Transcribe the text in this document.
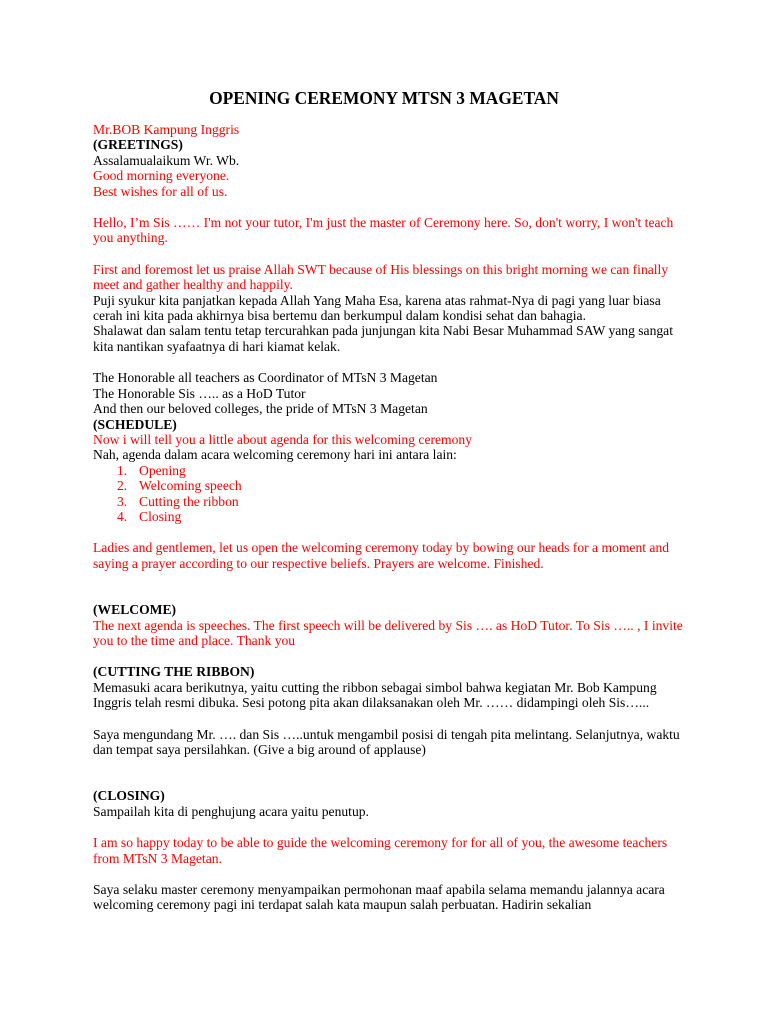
OPENING CEREMONY MTSN 3 MAGETAN

Mr.BOB Kampung Inggris

(GREETINGS)

Assalamualaikum Wr. Wb.

Good morning everyone.

Best wishes for all of us.

Hello, I’m Sis …… I'm not your tutor, I'm just the master of Ceremony here. So, don't worry, I won't teach you anything.

First and foremost let us praise Allah SWT because of His blessings on this bright morning we can finally meet and gather healthy and happily.

Puji syukur kita panjatkan kepada Allah Yang Maha Esa, karena atas rahmat-Nya di pagi yang luar biasa cerah ini kita pada akhirnya bisa bertemu dan berkumpul dalam kondisi sehat dan bahagia.

Shalawat dan salam tentu tetap tercurahkan pada junjungan kita Nabi Besar Muhammad SAW yang sangat kita nantikan syafaatnya di hari kiamat kelak.

The Honorable all teachers as Coordinator of MTsN 3 Magetan

The Honorable Sis ….. as a HoD Tutor

And then our beloved colleges, the pride of MTsN 3 Magetan

(SCHEDULE)

Now i will tell you a little about agenda for this welcoming ceremony

Nah, agenda dalam acara welcoming ceremony hari ini antara lain:

1. Opening
2. Welcoming speech
3. Cutting the ribbon
4. Closing

Ladies and gentlemen, let us open the welcoming ceremony today by bowing our heads for a moment and saying a prayer according to our respective beliefs. Prayers are welcome. Finished.

(WELCOME)

The next agenda is speeches. The first speech will be delivered by Sis …. as HoD Tutor. To Sis ….. , I invite you to the time and place. Thank you

(CUTTING THE RIBBON)

Memasuki acara berikutnya, yaitu cutting the ribbon sebagai simbol bahwa kegiatan Mr. Bob Kampung Inggris telah resmi dibuka. Sesi potong pita akan dilaksanakan oleh Mr. …… didampingi oleh Sis…...

Saya mengundang Mr. …. dan Sis …..untuk mengambil posisi di tengah pita melintang. Selanjutnya, waktu dan tempat saya persilahkan. (Give a big around of applause)

(CLOSING)

Sampailah kita di penghujung acara yaitu penutup.

I am so happy today to be able to guide the welcoming ceremony for for all of you, the awesome teachers from MTsN 3 Magetan.

Saya selaku master ceremony menyampaikan permohonan maaf apabila selama memandu jalannya acara welcoming ceremony pagi ini terdapat salah kata maupun salah perbuatan. Hadirin sekalian
